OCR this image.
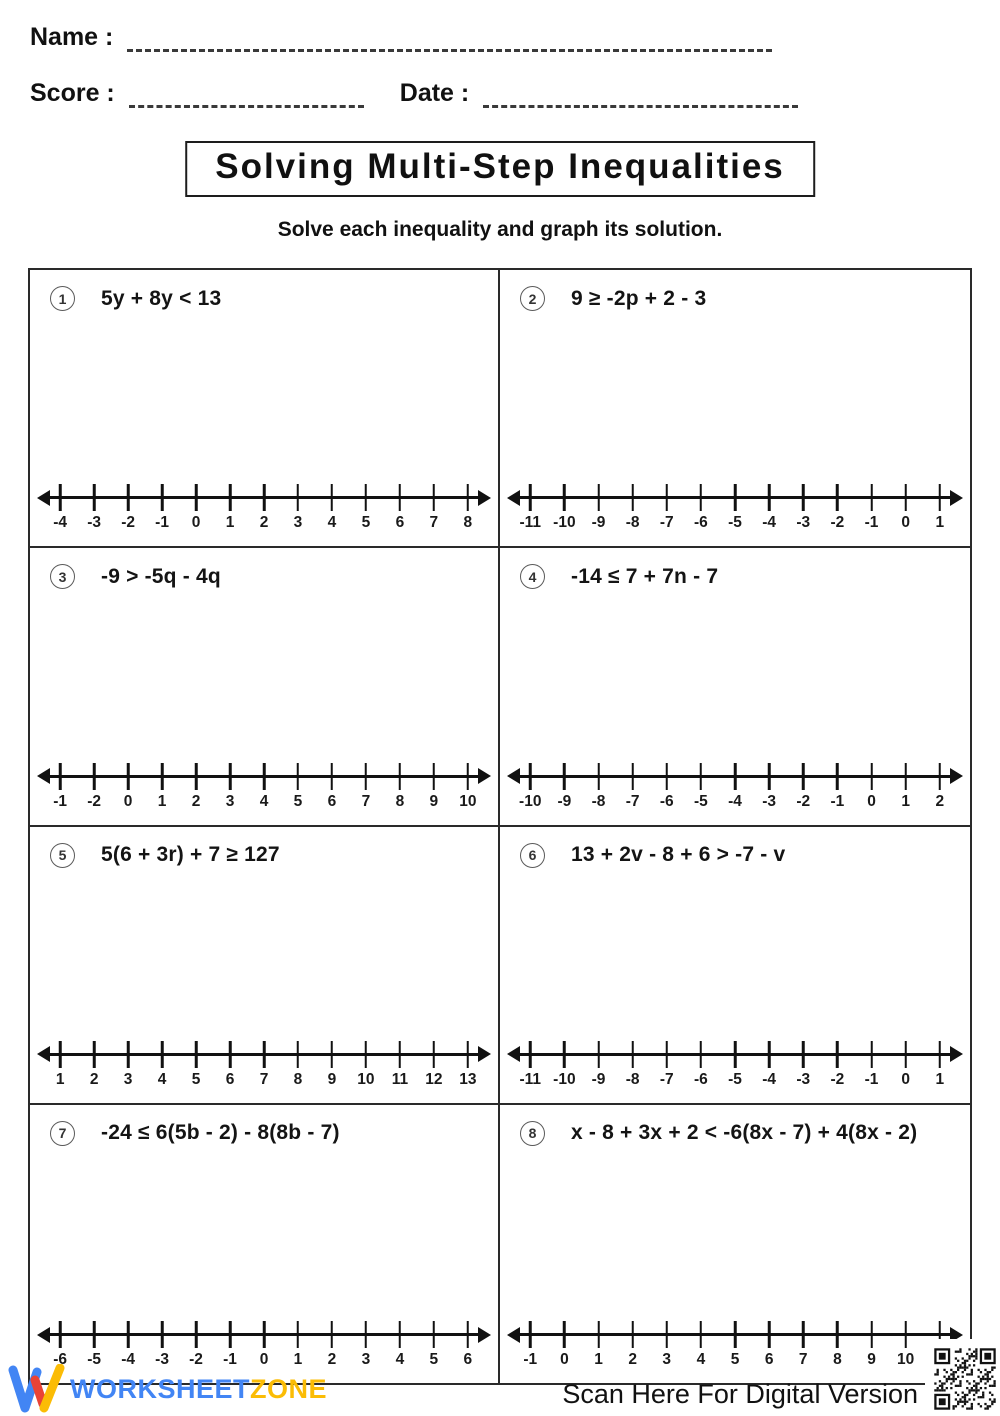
Name :
Score :	Date :
Solving Multi-Step Inequalities
Solve each inequality and graph its solution.
1	5y + 8y < 13
-4 -3 -2 -1 0 1 2 3 4 5 6 7 8
2	9 ≥ -2p + 2 - 3
-11 -10 -9 -8 -7 -6 -5 -4 -3 -2 -1 0 1
3	-9 > -5q - 4q
-1 -2 0 1 2 3 4 5 6 7 8 9 10
4	-14 ≤ 7 + 7n - 7
-10 -9 -8 -7 -6 -5 -4 -3 -2 -1 0 1 2
5	5(6 + 3r) + 7 ≥ 127
1 2 3 4 5 6 7 8 9 10 11 12 13
6	13 + 2v - 8 + 6 > -7 - v
-11 -10 -9 -8 -7 -6 -5 -4 -3 -2 -1 0 1
7	-24 ≤ 6(5b - 2) - 8(8b - 7)
-6 -5 -4 -3 -2 -1 0 1 2 3 4 5 6
8	x - 8 + 3x + 2 < -6(8x - 7) + 4(8x - 2)
-1 0 1 2 3 4 5 6 7 8 9 10
WORKSHEETZONE	Scan Here For Digital Version
